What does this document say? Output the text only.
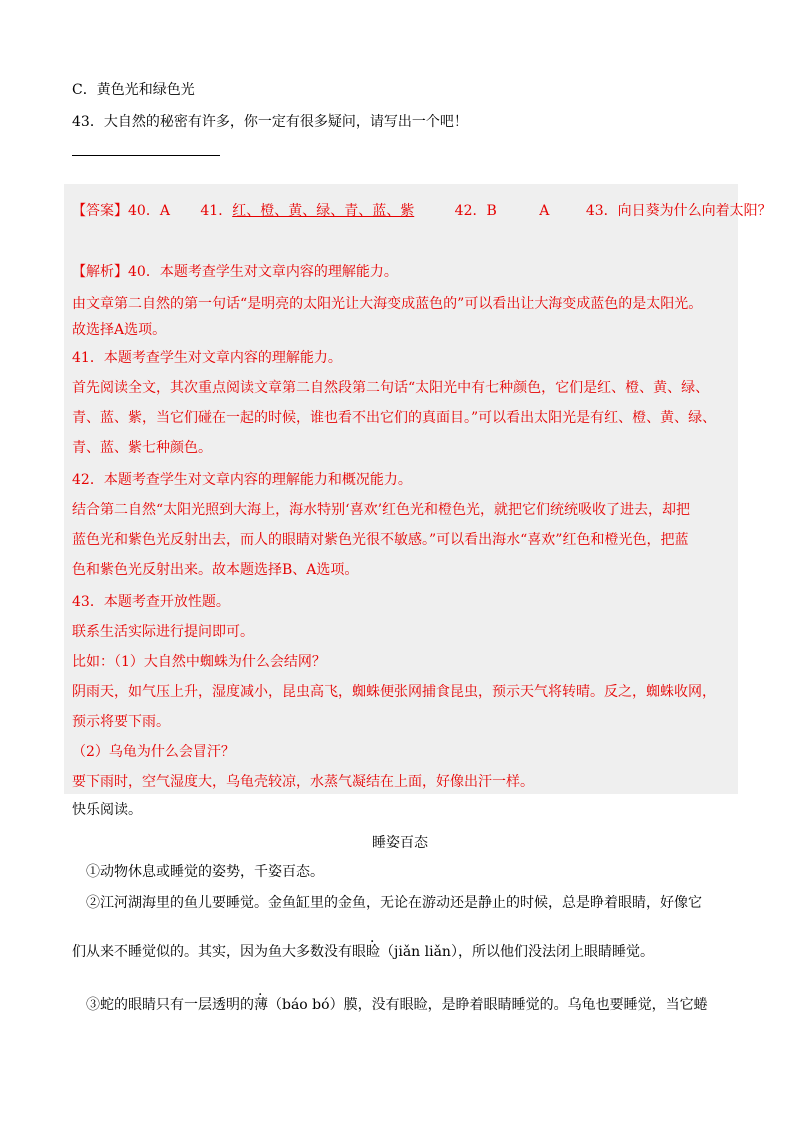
C．黄色光和绿色光
43．大自然的秘密有许多，你一定有很多疑问，请写出一个吧！
【答案】40．A 41．红、橙、黄、绿、青、蓝、紫	42．B	A	43．向日葵为什么向着太阳？
【解析】40．本题考查学生对文章内容的理解能力。
由文章第二自然的第一句话“是明亮的太阳光让大海变成蓝色的”可以看出让大海变成蓝色的是太阳光。
故选择A选项。
41．本题考查学生对文章内容的理解能力。
首先阅读全文，其次重点阅读文章第二自然段第二句话“太阳光中有七种颜色，它们是红、橙、黄、绿、
青、蓝、紫，当它们碰在一起的时候，谁也看不出它们的真面目。”可以看出太阳光是有红、橙、黄、绿、
青、蓝、紫七种颜色。
42．本题考查学生对文章内容的理解能力和概况能力。
结合第二自然“太阳光照到大海上，海水特别‘喜欢’红色光和橙色光，就把它们统统吸收了进去，却把
蓝色光和紫色光反射出去，而人的眼睛对紫色光很不敏感。”可以看出海水“喜欢”红色和橙光色，把蓝
色和紫色光反射出来。故本题选择B、A选项。
43．本题考查开放性题。
联系生活实际进行提问即可。
比如：（1）大自然中蜘蛛为什么会结网？
阴雨天，如气压上升，湿度减小，昆虫高飞，蜘蛛便张网捕食昆虫，预示天气将转晴。反之，蜘蛛收网，
预示将要下雨。
（2）乌龟为什么会冒汗？
要下雨时，空气湿度大，乌龟壳较凉，水蒸气凝结在上面，好像出汗一样。
快乐阅读。
睡姿百态
①动物休息或睡觉的姿势，千姿百态。
②江河湖海里的鱼儿要睡觉。金鱼缸里的金鱼，无论在游动还是静止的时候，总是睁着眼睛，好像它
们从来不睡觉似的。其实，因为鱼大多数没有眼睑（jiǎn liǎn），所以他们没法闭上眼睛睡觉。
③蛇的眼睛只有一层透明的薄（báo bó）膜，没有眼睑，是睁着眼睛睡觉的。乌龟也要睡觉，当它蜷
